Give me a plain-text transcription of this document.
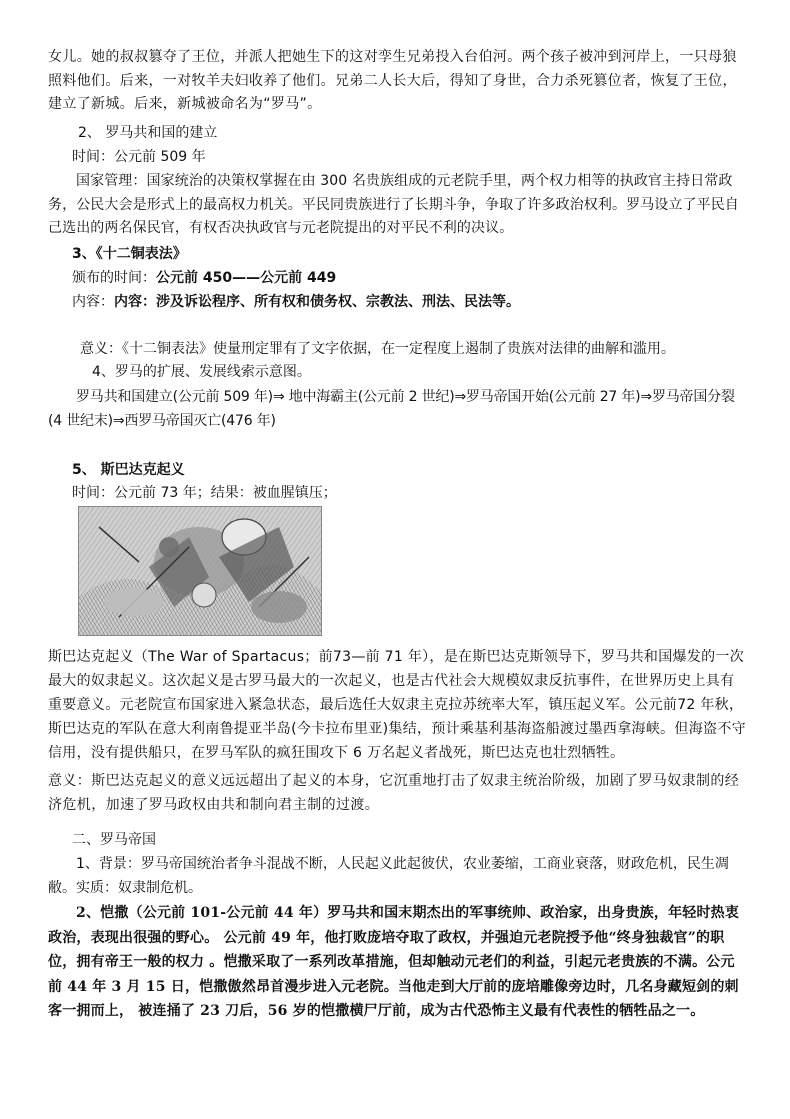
女儿。她的叔叔篡夺了王位，并派人把她生下的这对孪生兄弟投入台伯河。两个孩子被冲到河岸上，一只母狼照料他们。后来，一对牧羊夫妇收养了他们。兄弟二人长大后，得知了身世，合力杀死篡位者，恢复了王位，建立了新城。后来，新城被命名为“罗马”。

2、 罗马共和国的建立

时间：公元前 509 年

国家管理：国家统治的决策权掌握在由 300 名贵族组成的元老院手里，两个权力相等的执政官主持日常政务，公民大会是形式上的最高权力机关。平民同贵族进行了长期斗争，争取了许多政治权利。罗马设立了平民自己选出的两名保民官，有权否决执政官与元老院提出的对平民不利的决议。

3、《十二铜表法》

颁布的时间：公元前 450——公元前 449

内容：内容：涉及诉讼程序、所有权和债务权、宗教法、刑法、民法等。

意义：《十二铜表法》使量刑定罪有了文字依据，在一定程度上遏制了贵族对法律的曲解和滥用。

4、罗马的扩展、发展线索示意图。

罗马共和国建立(公元前 509 年)⇒ 地中海霸主(公元前 2 世纪)⇒罗马帝国开始(公元前 27 年)⇒罗马帝国分裂(4 世纪末)⇒西罗马帝国灭亡(476 年)

5、 斯巴达克起义

时间：公元前 73 年；结果：被血腥镇压；

斯巴达克起义（The War of Spartacus；前73—前 71 年），是在斯巴达克斯领导下，罗马共和国爆发的一次最大的奴隶起义。这次起义是古罗马最大的一次起义，也是古代社会大规模奴隶反抗事件，在世界历史上具有重要意义。元老院宣布国家进入紧急状态，最后选任大奴隶主克拉苏统率大军，镇压起义军。公元前72 年秋，斯巴达克的军队在意大利南鲁提亚半岛(今卡拉布里亚)集结，预计乘基利基海盗船渡过墨西拿海峡。但海盗不守信用，没有提供船只，在罗马军队的疯狂围攻下 6 万名起义者战死，斯巴达克也壮烈牺牲。

意义：斯巴达克起义的意义远远超出了起义的本身，它沉重地打击了奴隶主统治阶级，加剧了罗马奴隶制的经济危机，加速了罗马政权由共和制向君主制的过渡。

二、罗马帝国

1、背景：罗马帝国统治者争斗混战不断，人民起义此起彼伏，农业萎缩，工商业衰落，财政危机，民生凋敝。实质：奴隶制危机。

2、恺撒（公元前 101-公元前 44 年）罗马共和国末期杰出的军事统帅、政治家，出身贵族，年轻时热衷政治，表现出很强的野心。 公元前 49 年，他打败庞培夺取了政权，并强迫元老院授予他“终身独裁官”的职位，拥有帝王一般的权力 。恺撒采取了一系列改革措施，但却触动元老们的利益，引起元老贵族的不满。公元前 44 年 3 月 15 日，恺撒傲然昂首漫步进入元老院。当他走到大厅前的庞培雕像旁边时，几名身藏短剑的刺客一拥而上， 被连捅了 23 刀后，56 岁的恺撒横尸厅前，成为古代恐怖主义最有代表性的牺牲品之一。
